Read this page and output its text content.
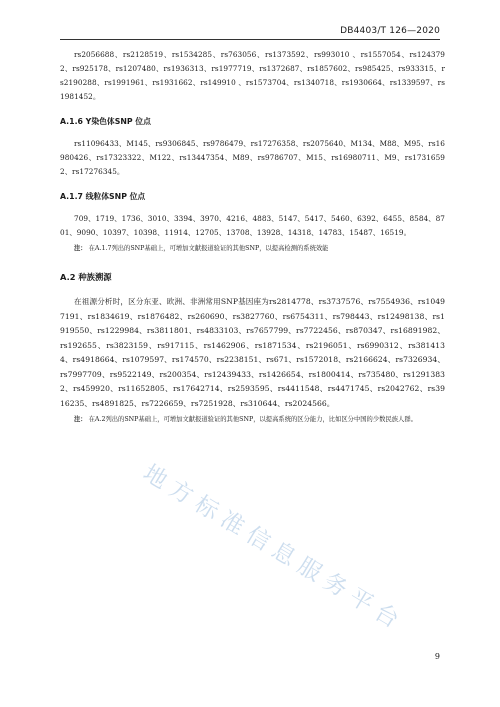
DB4403/T 126—2020

rs2056688、rs2128519、rs1534285、rs763056、rs1373592、rs993010 、rs1557054、rs1243792、rs925178、rs1207480、rs1936313、rs1977719、rs1372687、rs1857602、rs985425、rs933315、rs2190288、rs1991961、rs1931662、rs149910 、rs1573704、rs1340718、rs1930664、rs1339597、rs1981452。

A.1.6 Y染色体SNP 位点

rs11096433、M145、rs9306845、rs9786479、rs17276358、rs2075640、M134、M88、M95、rs16980426、rs17323322、M122、rs13447354、M89、rs9786707、M15、rs16980711、M9、rs17316592、rs17276345。

A.1.7 线粒体SNP 位点

709、1719、1736、3010、3394、3970、4216、4883、5147、5417、5460、6392、6455、8584、8701、9090、10397、10398、11914、12705、13708、13928、14318、14783、15487、16519。

注： 在A.1.7列出的SNP基础上，可增加文献报道验证的其他SNP，以提高检测的系统效能
A.2 种族溯源

在祖源分析时，区分东亚、欧洲、非洲常用SNP基因座为rs2814778、rs3737576、rs7554936、rs10497191、rs1834619、rs1876482、rs260690、rs3827760、rs6754311、rs798443、rs12498138、rs1919550、rs1229984、rs3811801、rs4833103、rs7657799、rs7722456、rs870347、rs16891982、rs192655、rs3823159、rs917115、rs1462906、rs1871534、rs2196051、rs6990312、rs3814134、rs4918664、rs1079597、rs174570、rs2238151、rs671、rs1572018、rs2166624、rs7326934、rs7997709、rs9522149、rs200354、rs12439433、rs1426654、rs1800414、rs735480、rs12913832、rs459920、rs11652805、rs17642714、rs2593595、rs4411548、rs4471745、rs2042762、rs3916235、rs4891825、rs7226659、rs7251928、rs310644、rs2024566。

注： 在A.2列出的SNP基础上，可增加文献报道验证的其他SNP，以提高系统的区分能力，比如区分中国的少数民族人群。
地方标准信息服务平台
9
